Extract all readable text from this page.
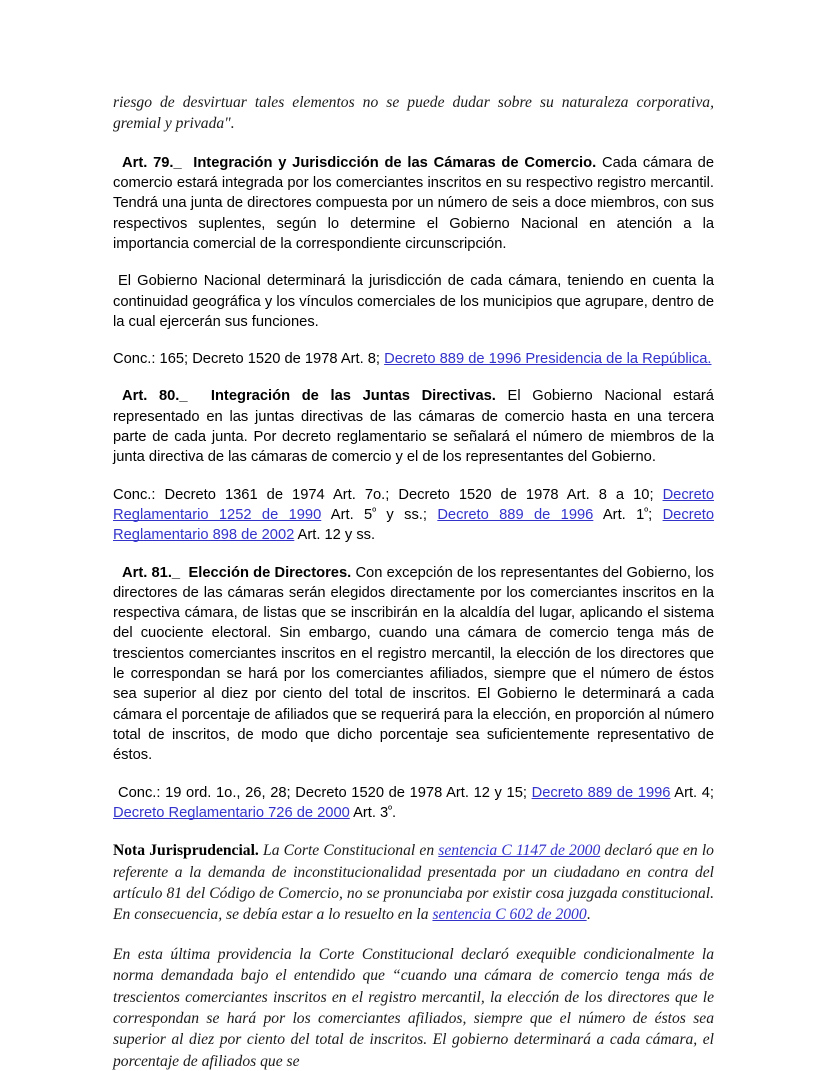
riesgo de desvirtuar tales elementos no se puede dudar sobre su naturaleza corporativa, gremial y privada".

Art. 79._ Integración y Jurisdicción de las Cámaras de Comercio. Cada cámara de comercio estará integrada por los comerciantes inscritos en su respectivo registro mercantil. Tendrá una junta de directores compuesta por un número de seis a doce miembros, con sus respectivos suplentes, según lo determine el Gobierno Nacional en atención a la importancia comercial de la correspondiente circunscripción.

El Gobierno Nacional determinará la jurisdicción de cada cámara, teniendo en cuenta la continuidad geográfica y los vínculos comerciales de los municipios que agrupare, dentro de la cual ejercerán sus funciones.

Conc.: 165; Decreto 1520 de 1978 Art. 8; Decreto 889 de 1996 Presidencia de la República.

Art. 80._ Integración de las Juntas Directivas. El Gobierno Nacional estará representado en las juntas directivas de las cámaras de comercio hasta en una tercera parte de cada junta. Por decreto reglamentario se señalará el número de miembros de la junta directiva de las cámaras de comercio y el de los representantes del Gobierno.

Conc.: Decreto 1361 de 1974 Art. 7o.; Decreto 1520 de 1978 Art. 8 a 10; Decreto Reglamentario 1252 de 1990 Art. $5^º$ y ss.; Decreto 889 de 1996 Art. $1^º$; Decreto Reglamentario 898 de 2002 Art. 12 y ss.

Art. 81._ Elección de Directores. Con excepción de los representantes del Gobierno, los directores de las cámaras serán elegidos directamente por los comerciantes inscritos en la respectiva cámara, de listas que se inscribirán en la alcaldía del lugar, aplicando el sistema del cuociente electoral. Sin embargo, cuando una cámara de comercio tenga más de trescientos comerciantes inscritos en el registro mercantil, la elección de los directores que le correspondan se hará por los comerciantes afiliados, siempre que el número de éstos sea superior al diez por ciento del total de inscritos. El Gobierno le determinará a cada cámara el porcentaje de afiliados que se requerirá para la elección, en proporción al número total de inscritos, de modo que dicho porcentaje sea suficientemente representativo de éstos.

Conc.: 19 ord. 1o., 26, 28; Decreto 1520 de 1978 Art. 12 y 15; Decreto 889 de 1996 Art. 4; Decreto Reglamentario 726 de 2000 Art. $3^º$.

Nota Jurisprudencial. La Corte Constitucional en sentencia C 1147 de 2000 declaró que en lo referente a la demanda de inconstitucionalidad presentada por un ciudadano en contra del artículo 81 del Código de Comercio, no se pronunciaba por existir cosa juzgada constitucional. En consecuencia, se debía estar a lo resuelto en la sentencia C 602 de 2000.

En esta última providencia la Corte Constitucional declaró exequible condicionalmente la norma demandada bajo el entendido que “cuando una cámara de comercio tenga más de trescientos comerciantes inscritos en el registro mercantil, la elección de los directores que le correspondan se hará por los comerciantes afiliados, siempre que el número de éstos sea superior al diez por ciento del total de inscritos. El gobierno determinará a cada cámara, el porcentaje de afiliados que se
